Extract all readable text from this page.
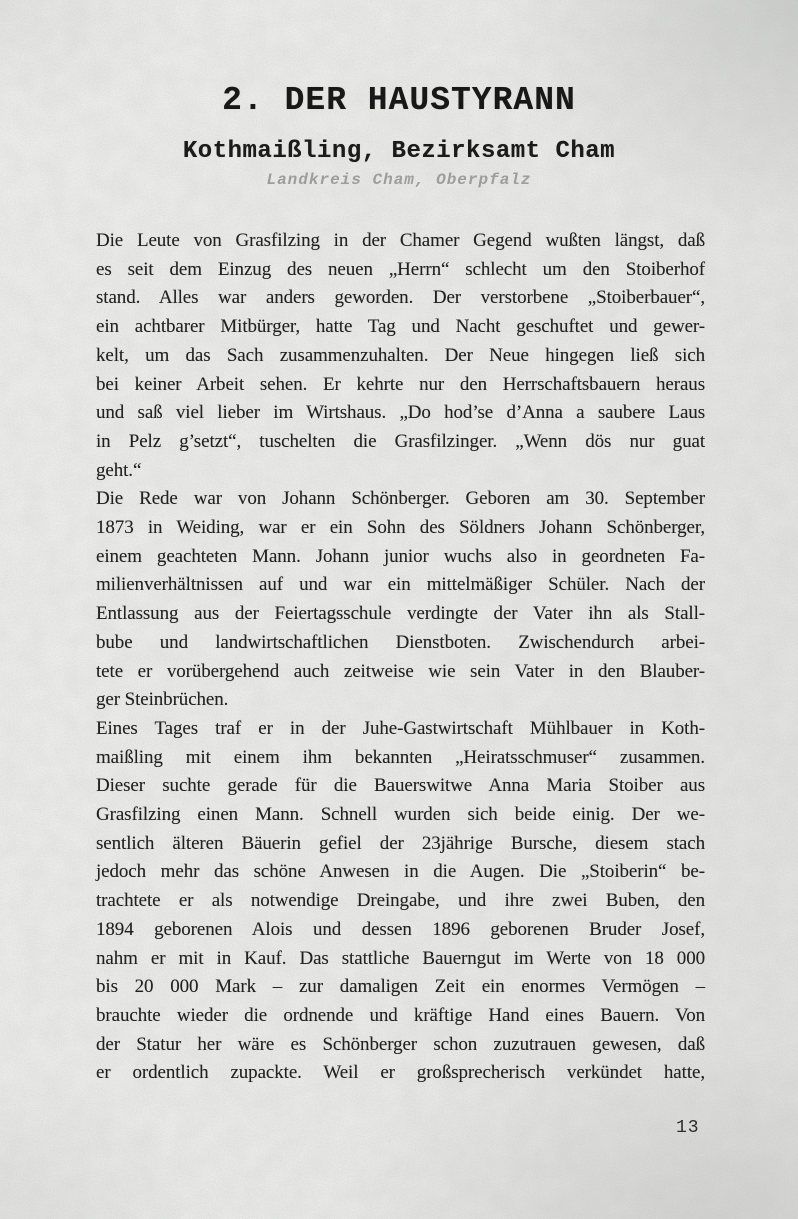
2. DER HAUSTYRANN
Kothmaißling, Bezirksamt Cham
Landkreis Cham, Oberpfalz
Die Leute von Grasfilzing in der Chamer Gegend wußten längst, daß
es seit dem Einzug des neuen „Herrn“ schlecht um den Stoiberhof
stand. Alles war anders geworden. Der verstorbene „Stoiberbauer“,
ein achtbarer Mitbürger, hatte Tag und Nacht geschuftet und gewer-
kelt, um das Sach zusammenzuhalten. Der Neue hingegen ließ sich
bei keiner Arbeit sehen. Er kehrte nur den Herrschaftsbauern heraus
und saß viel lieber im Wirtshaus. „Do hod’se d’Anna a saubere Laus
in Pelz g’setzt“, tuschelten die Grasfilzinger. „Wenn dös nur guat
geht.“
Die Rede war von Johann Schönberger. Geboren am 30. September
1873 in Weiding, war er ein Sohn des Söldners Johann Schönberger,
einem geachteten Mann. Johann junior wuchs also in geordneten Fa-
milienverhältnissen auf und war ein mittelmäßiger Schüler. Nach der
Entlassung aus der Feiertagsschule verdingte der Vater ihn als Stall-
bube und landwirtschaftlichen Dienstboten. Zwischendurch arbei-
tete er vorübergehend auch zeitweise wie sein Vater in den Blauber-
ger Steinbrüchen.
Eines Tages traf er in der Juhe-Gastwirtschaft Mühlbauer in Koth-
maißling mit einem ihm bekannten „Heiratsschmuser“ zusammen.
Dieser suchte gerade für die Bauerswitwe Anna Maria Stoiber aus
Grasfilzing einen Mann. Schnell wurden sich beide einig. Der we-
sentlich älteren Bäuerin gefiel der 23jährige Bursche, diesem stach
jedoch mehr das schöne Anwesen in die Augen. Die „Stoiberin“ be-
trachtete er als notwendige Dreingabe, und ihre zwei Buben, den
1894 geborenen Alois und dessen 1896 geborenen Bruder Josef,
nahm er mit in Kauf. Das stattliche Bauerngut im Werte von 18 000
bis 20 000 Mark – zur damaligen Zeit ein enormes Vermögen –
brauchte wieder die ordnende und kräftige Hand eines Bauern. Von
der Statur her wäre es Schönberger schon zuzutrauen gewesen, daß
er ordentlich zupackte. Weil er großsprecherisch verkündet hatte,
13
